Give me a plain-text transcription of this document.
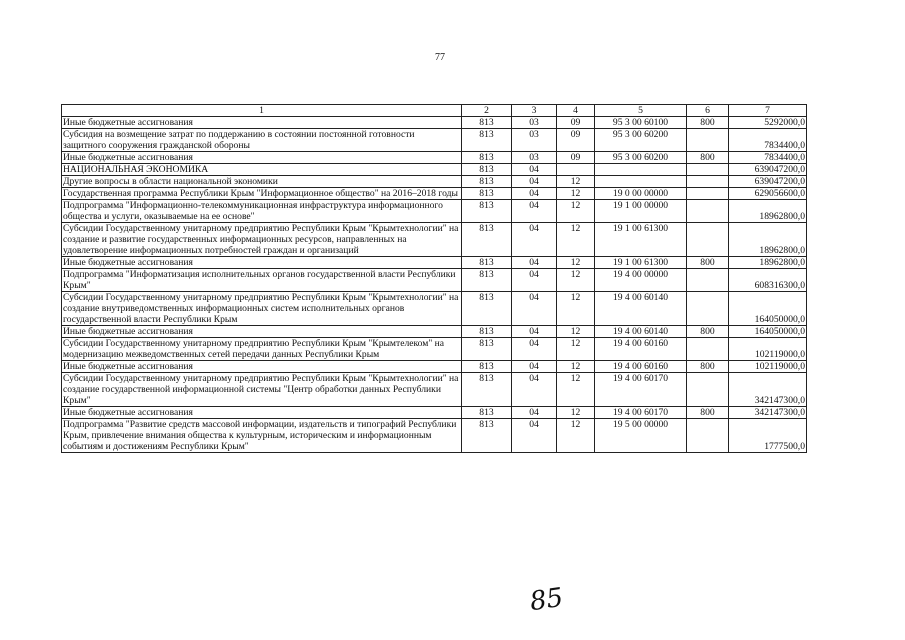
77
1	2	3	4	5	6	7
Иные бюджетные ассигнования	813	03	09	95 3 00 60100	800	5292000,0
Субсидия на возмещение затрат по поддержанию в состоянии постоянной готовности защитного сооружения гражданской обороны	813	03	09	95 3 00 60200		7834400,0
Иные бюджетные ассигнования	813	03	09	95 3 00 60200	800	7834400,0
НАЦИОНАЛЬНАЯ ЭКОНОМИКА	813	04				639047200,0
Другие вопросы в области национальной экономики	813	04	12			639047200,0
Государственная программа Республики Крым "Информационное общество" на 2016–2018 годы	813	04	12	19 0 00 00000		629056600,0
Подпрограмма "Информационно-телекоммуникационная инфраструктура информационного общества и услуги, оказываемые на ее основе"	813	04	12	19 1 00 00000		18962800,0
Субсидии Государственному унитарному предприятию Республики Крым "Крымтехнологии" на создание и развитие государственных информационных ресурсов, направленных на удовлетворение информационных потребностей граждан и организаций	813	04	12	19 1 00 61300		18962800,0
Иные бюджетные ассигнования	813	04	12	19 1 00 61300	800	18962800,0
Подпрограмма "Информатизация исполнительных органов государственной власти Республики Крым"	813	04	12	19 4 00 00000		608316300,0
Субсидии Государственному унитарному предприятию Республики Крым "Крымтехнологии" на создание внутриведомственных информационных систем исполнительных органов государственной власти Республики Крым	813	04	12	19 4 00 60140		164050000,0
Иные бюджетные ассигнования	813	04	12	19 4 00 60140	800	164050000,0
Субсидии Государственному унитарному предприятию Республики Крым "Крымтелеком" на модернизацию межведомственных сетей передачи данных Республики Крым	813	04	12	19 4 00 60160		102119000,0
Иные бюджетные ассигнования	813	04	12	19 4 00 60160	800	102119000,0
Субсидии Государственному унитарному предприятию Республики Крым "Крымтехнологии" на создание государственной информационной системы "Центр обработки данных Республики Крым"	813	04	12	19 4 00 60170		342147300,0
Иные бюджетные ассигнования	813	04	12	19 4 00 60170	800	342147300,0
Подпрограмма "Развитие средств массовой информации, издательств и типографий Республики Крым, привлечение внимания общества к культурным, историческим и информационным событиям и достижениям Республики Крым"	813	04	12	19 5 00 00000		1777500,0
85
